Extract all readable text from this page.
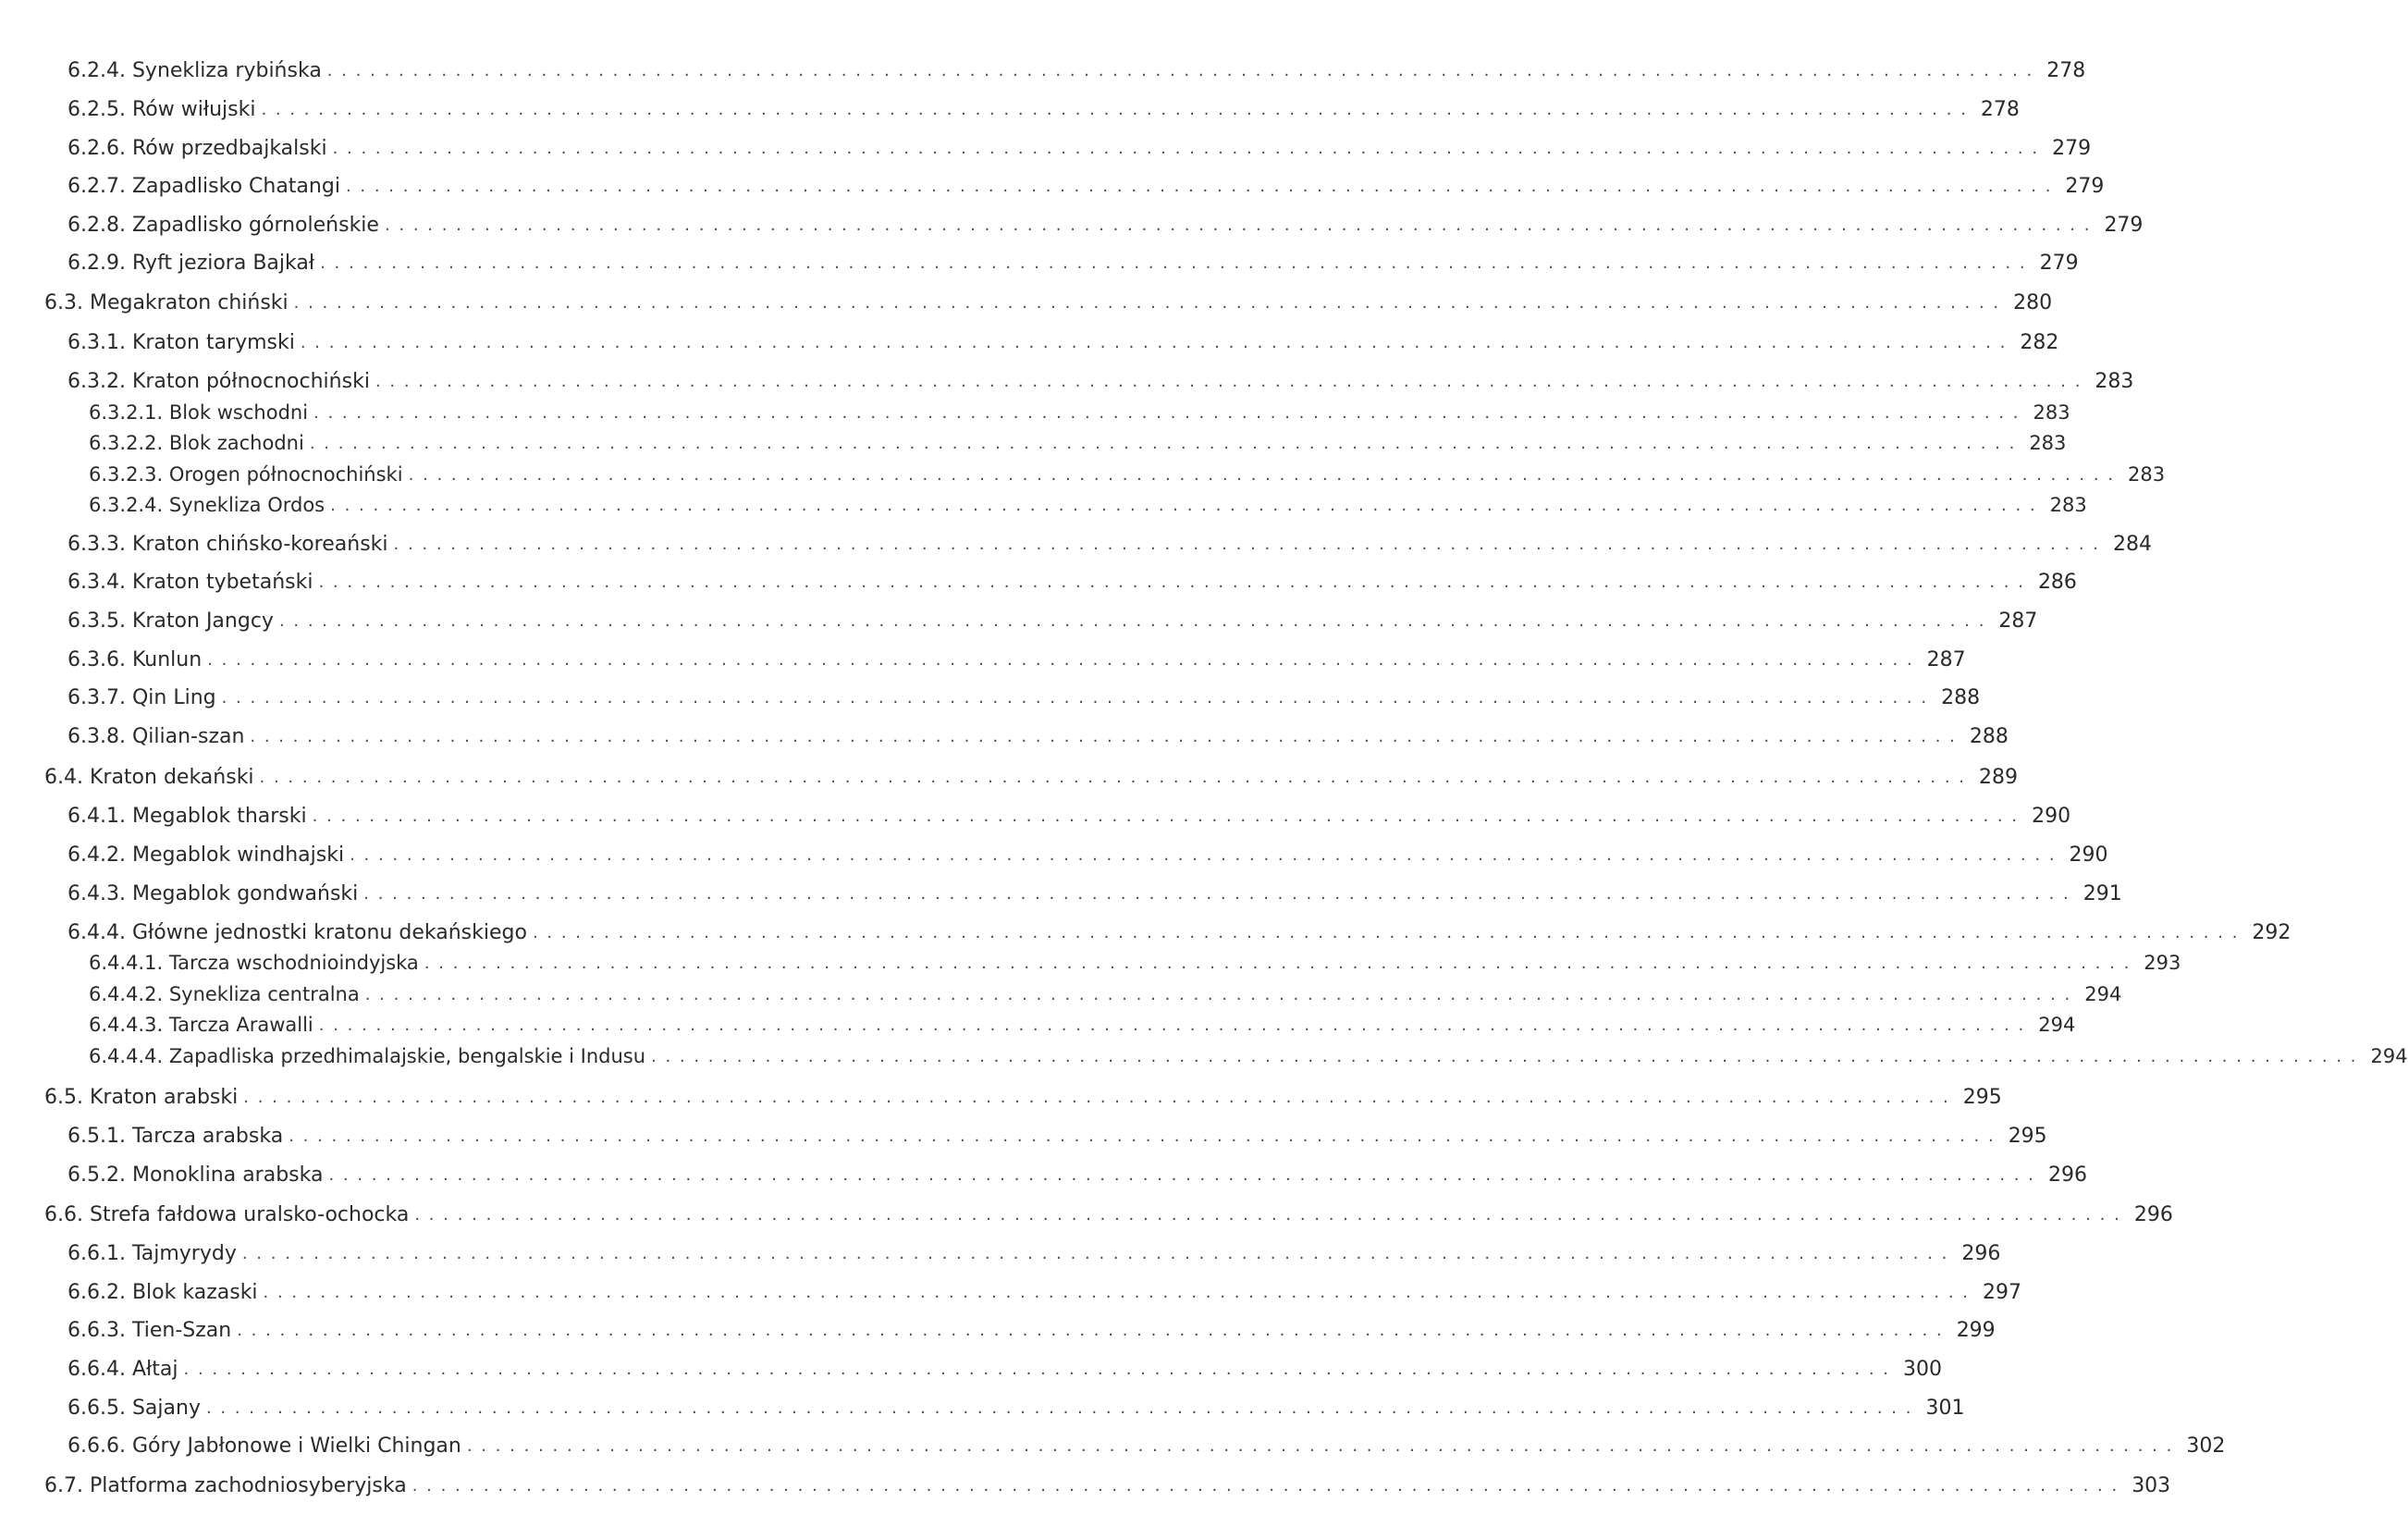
6.2.4. Synekliza rybińska . . . . . . . . . . . . . . . . . . . . . . . . . . . . . . . . . . . . . . . . . . . . . . . . . . . . . . . . . . . . . . . . . . . . . . . . . . . . . . . . . . . . . . . . . . . . . . . . . . . . . . . . . . . . . . . . . . . . . . . . 278
6.2.5. Rów wiłujski . . . . . . . . . . . . . . . . . . . . . . . . . . . . . . . . . . . . . . . . . . . . . . . . . . . . . . . . . . . . . . . . . . . . . . . . . . . . . . . . . . . . . . . . . . . . . . . . . . . . . . . . . . . . . . . . . . . . . . . . 278
6.2.6. Rów przedbajkalski . . . . . . . . . . . . . . . . . . . . . . . . . . . . . . . . . . . . . . . . . . . . . . . . . . . . . . . . . . . . . . . . . . . . . . . . . . . . . . . . . . . . . . . . . . . . . . . . . . . . . . . . . . . . . . . . . . . . . . . . 279
6.2.7. Zapadlisko Chatangi . . . . . . . . . . . . . . . . . . . . . . . . . . . . . . . . . . . . . . . . . . . . . . . . . . . . . . . . . . . . . . . . . . . . . . . . . . . . . . . . . . . . . . . . . . . . . . . . . . . . . . . . . . . . . . . . . . . . . . . . 279
6.2.8. Zapadlisko górnoleńskie . . . . . . . . . . . . . . . . . . . . . . . . . . . . . . . . . . . . . . . . . . . . . . . . . . . . . . . . . . . . . . . . . . . . . . . . . . . . . . . . . . . . . . . . . . . . . . . . . . . . . . . . . . . . . . . . . . . . . . . . 279
6.2.9. Ryft jeziora Bajkał . . . . . . . . . . . . . . . . . . . . . . . . . . . . . . . . . . . . . . . . . . . . . . . . . . . . . . . . . . . . . . . . . . . . . . . . . . . . . . . . . . . . . . . . . . . . . . . . . . . . . . . . . . . . . . . . . . . . . . . . 279
6.3. Megakraton chiński . . . . . . . . . . . . . . . . . . . . . . . . . . . . . . . . . . . . . . . . . . . . . . . . . . . . . . . . . . . . . . . . . . . . . . . . . . . . . . . . . . . . . . . . . . . . . . . . . . . . . . . . . . . . . . . . . . . . . . . . 280
6.3.1. Kraton tarymski . . . . . . . . . . . . . . . . . . . . . . . . . . . . . . . . . . . . . . . . . . . . . . . . . . . . . . . . . . . . . . . . . . . . . . . . . . . . . . . . . . . . . . . . . . . . . . . . . . . . . . . . . . . . . . . . . . . . . . . . 282
6.3.2. Kraton północnochiński . . . . . . . . . . . . . . . . . . . . . . . . . . . . . . . . . . . . . . . . . . . . . . . . . . . . . . . . . . . . . . . . . . . . . . . . . . . . . . . . . . . . . . . . . . . . . . . . . . . . . . . . . . . . . . . . . . . . . . . . 283
6.3.2.1. Blok wschodni . . . . . . . . . . . . . . . . . . . . . . . . . . . . . . . . . . . . . . . . . . . . . . . . . . . . . . . . . . . . . . . . . . . . . . . . . . . . . . . . . . . . . . . . . . . . . . . . . . . . . . . . . . . . . . . . . . . . . . . . 283
6.3.2.2. Blok zachodni . . . . . . . . . . . . . . . . . . . . . . . . . . . . . . . . . . . . . . . . . . . . . . . . . . . . . . . . . . . . . . . . . . . . . . . . . . . . . . . . . . . . . . . . . . . . . . . . . . . . . . . . . . . . . . . . . . . . . . . . 283
6.3.2.3. Orogen północnochiński . . . . . . . . . . . . . . . . . . . . . . . . . . . . . . . . . . . . . . . . . . . . . . . . . . . . . . . . . . . . . . . . . . . . . . . . . . . . . . . . . . . . . . . . . . . . . . . . . . . . . . . . . . . . . . . . . . . . . . . . 283
6.3.2.4. Synekliza Ordos . . . . . . . . . . . . . . . . . . . . . . . . . . . . . . . . . . . . . . . . . . . . . . . . . . . . . . . . . . . . . . . . . . . . . . . . . . . . . . . . . . . . . . . . . . . . . . . . . . . . . . . . . . . . . . . . . . . . . . . . 283
6.3.3. Kraton chińsko-koreański . . . . . . . . . . . . . . . . . . . . . . . . . . . . . . . . . . . . . . . . . . . . . . . . . . . . . . . . . . . . . . . . . . . . . . . . . . . . . . . . . . . . . . . . . . . . . . . . . . . . . . . . . . . . . . . . . . . . . . . . 284
6.3.4. Kraton tybetański . . . . . . . . . . . . . . . . . . . . . . . . . . . . . . . . . . . . . . . . . . . . . . . . . . . . . . . . . . . . . . . . . . . . . . . . . . . . . . . . . . . . . . . . . . . . . . . . . . . . . . . . . . . . . . . . . . . . . . . . 286
6.3.5. Kraton Jangcy . . . . . . . . . . . . . . . . . . . . . . . . . . . . . . . . . . . . . . . . . . . . . . . . . . . . . . . . . . . . . . . . . . . . . . . . . . . . . . . . . . . . . . . . . . . . . . . . . . . . . . . . . . . . . . . . . . . . . . . . 287
6.3.6. Kunlun . . . . . . . . . . . . . . . . . . . . . . . . . . . . . . . . . . . . . . . . . . . . . . . . . . . . . . . . . . . . . . . . . . . . . . . . . . . . . . . . . . . . . . . . . . . . . . . . . . . . . . . . . . . . . . . . . . . . . . . . 287
6.3.7. Qin Ling . . . . . . . . . . . . . . . . . . . . . . . . . . . . . . . . . . . . . . . . . . . . . . . . . . . . . . . . . . . . . . . . . . . . . . . . . . . . . . . . . . . . . . . . . . . . . . . . . . . . . . . . . . . . . . . . . . . . . . . . 288
6.3.8. Qilian-szan . . . . . . . . . . . . . . . . . . . . . . . . . . . . . . . . . . . . . . . . . . . . . . . . . . . . . . . . . . . . . . . . . . . . . . . . . . . . . . . . . . . . . . . . . . . . . . . . . . . . . . . . . . . . . . . . . . . . . . . . 288
6.4. Kraton dekański . . . . . . . . . . . . . . . . . . . . . . . . . . . . . . . . . . . . . . . . . . . . . . . . . . . . . . . . . . . . . . . . . . . . . . . . . . . . . . . . . . . . . . . . . . . . . . . . . . . . . . . . . . . . . . . . . . . . . . . . 289
6.4.1. Megablok tharski . . . . . . . . . . . . . . . . . . . . . . . . . . . . . . . . . . . . . . . . . . . . . . . . . . . . . . . . . . . . . . . . . . . . . . . . . . . . . . . . . . . . . . . . . . . . . . . . . . . . . . . . . . . . . . . . . . . . . . . . 290
6.4.2. Megablok windhajski . . . . . . . . . . . . . . . . . . . . . . . . . . . . . . . . . . . . . . . . . . . . . . . . . . . . . . . . . . . . . . . . . . . . . . . . . . . . . . . . . . . . . . . . . . . . . . . . . . . . . . . . . . . . . . . . . . . . . . . . 290
6.4.3. Megablok gondwański . . . . . . . . . . . . . . . . . . . . . . . . . . . . . . . . . . . . . . . . . . . . . . . . . . . . . . . . . . . . . . . . . . . . . . . . . . . . . . . . . . . . . . . . . . . . . . . . . . . . . . . . . . . . . . . . . . . . . . . . 291
6.4.4. Główne jednostki kratonu dekańskiego . . . . . . . . . . . . . . . . . . . . . . . . . . . . . . . . . . . . . . . . . . . . . . . . . . . . . . . . . . . . . . . . . . . . . . . . . . . . . . . . . . . . . . . . . . . . . . . . . . . . . . . . . . . . . . . . . . . . . . . . 292
6.4.4.1. Tarcza wschodnioindyjska . . . . . . . . . . . . . . . . . . . . . . . . . . . . . . . . . . . . . . . . . . . . . . . . . . . . . . . . . . . . . . . . . . . . . . . . . . . . . . . . . . . . . . . . . . . . . . . . . . . . . . . . . . . . . . . . . . . . . . . . 293
6.4.4.2. Synekliza centralna . . . . . . . . . . . . . . . . . . . . . . . . . . . . . . . . . . . . . . . . . . . . . . . . . . . . . . . . . . . . . . . . . . . . . . . . . . . . . . . . . . . . . . . . . . . . . . . . . . . . . . . . . . . . . . . . . . . . . . . . 294
6.4.4.3. Tarcza Arawalli . . . . . . . . . . . . . . . . . . . . . . . . . . . . . . . . . . . . . . . . . . . . . . . . . . . . . . . . . . . . . . . . . . . . . . . . . . . . . . . . . . . . . . . . . . . . . . . . . . . . . . . . . . . . . . . . . . . . . . . . 294
6.4.4.4. Zapadliska przedhimalajskie, bengalskie i Indusu . . . . . . . . . . . . . . . . . . . . . . . . . . . . . . . . . . . . . . . . . . . . . . . . . . . . . . . . . . . . . . . . . . . . . . . . . . . . . . . . . . . . . . . . . . . . . . . . . . . . . . . . . . . . . . . . . . . . . . . . 294
6.5. Kraton arabski . . . . . . . . . . . . . . . . . . . . . . . . . . . . . . . . . . . . . . . . . . . . . . . . . . . . . . . . . . . . . . . . . . . . . . . . . . . . . . . . . . . . . . . . . . . . . . . . . . . . . . . . . . . . . . . . . . . . . . . . 295
6.5.1. Tarcza arabska . . . . . . . . . . . . . . . . . . . . . . . . . . . . . . . . . . . . . . . . . . . . . . . . . . . . . . . . . . . . . . . . . . . . . . . . . . . . . . . . . . . . . . . . . . . . . . . . . . . . . . . . . . . . . . . . . . . . . . . . 295
6.5.2. Monoklina arabska . . . . . . . . . . . . . . . . . . . . . . . . . . . . . . . . . . . . . . . . . . . . . . . . . . . . . . . . . . . . . . . . . . . . . . . . . . . . . . . . . . . . . . . . . . . . . . . . . . . . . . . . . . . . . . . . . . . . . . . . 296
6.6. Strefa fałdowa uralsko-ochocka . . . . . . . . . . . . . . . . . . . . . . . . . . . . . . . . . . . . . . . . . . . . . . . . . . . . . . . . . . . . . . . . . . . . . . . . . . . . . . . . . . . . . . . . . . . . . . . . . . . . . . . . . . . . . . . . . . . . . . . . 296
6.6.1. Tajmyrydy . . . . . . . . . . . . . . . . . . . . . . . . . . . . . . . . . . . . . . . . . . . . . . . . . . . . . . . . . . . . . . . . . . . . . . . . . . . . . . . . . . . . . . . . . . . . . . . . . . . . . . . . . . . . . . . . . . . . . . . . 296
6.6.2. Blok kazaski . . . . . . . . . . . . . . . . . . . . . . . . . . . . . . . . . . . . . . . . . . . . . . . . . . . . . . . . . . . . . . . . . . . . . . . . . . . . . . . . . . . . . . . . . . . . . . . . . . . . . . . . . . . . . . . . . . . . . . . . 297
6.6.3. Tien-Szan . . . . . . . . . . . . . . . . . . . . . . . . . . . . . . . . . . . . . . . . . . . . . . . . . . . . . . . . . . . . . . . . . . . . . . . . . . . . . . . . . . . . . . . . . . . . . . . . . . . . . . . . . . . . . . . . . . . . . . . . 299
6.6.4. Ałtaj . . . . . . . . . . . . . . . . . . . . . . . . . . . . . . . . . . . . . . . . . . . . . . . . . . . . . . . . . . . . . . . . . . . . . . . . . . . . . . . . . . . . . . . . . . . . . . . . . . . . . . . . . . . . . . . . . . . . . . . . 300
6.6.5. Sajany . . . . . . . . . . . . . . . . . . . . . . . . . . . . . . . . . . . . . . . . . . . . . . . . . . . . . . . . . . . . . . . . . . . . . . . . . . . . . . . . . . . . . . . . . . . . . . . . . . . . . . . . . . . . . . . . . . . . . . . . 301
6.6.6. Góry Jabłonowe i Wielki Chingan . . . . . . . . . . . . . . . . . . . . . . . . . . . . . . . . . . . . . . . . . . . . . . . . . . . . . . . . . . . . . . . . . . . . . . . . . . . . . . . . . . . . . . . . . . . . . . . . . . . . . . . . . . . . . . . . . . . . . . . . 302
6.7. Platforma zachodniosyberyjska . . . . . . . . . . . . . . . . . . . . . . . . . . . . . . . . . . . . . . . . . . . . . . . . . . . . . . . . . . . . . . . . . . . . . . . . . . . . . . . . . . . . . . . . . . . . . . . . . . . . . . . . . . . . . . . . . . . . . . . . 303
